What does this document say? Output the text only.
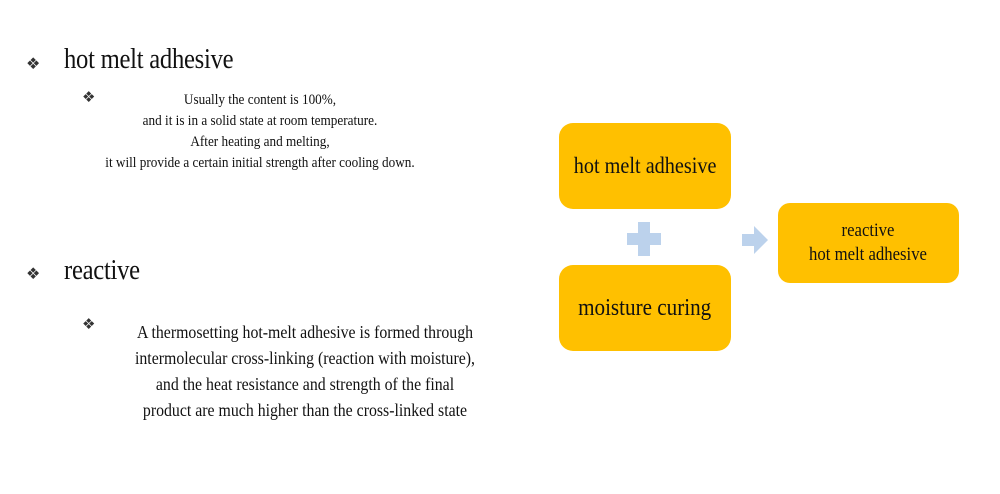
❖ hot melt adhesive
❖	Usually the content is 100%,
and it is in a solid state at room temperature.
After heating and melting,
it will provide a certain initial strength after cooling down.
❖ reactive
❖	A thermosetting hot-melt adhesive is formed through
intermolecular cross-linking (reaction with moisture),
and the heat resistance and strength of the final
product are much higher than the cross-linked state
hot melt adhesive
moisture curing
reactive
hot melt adhesive
